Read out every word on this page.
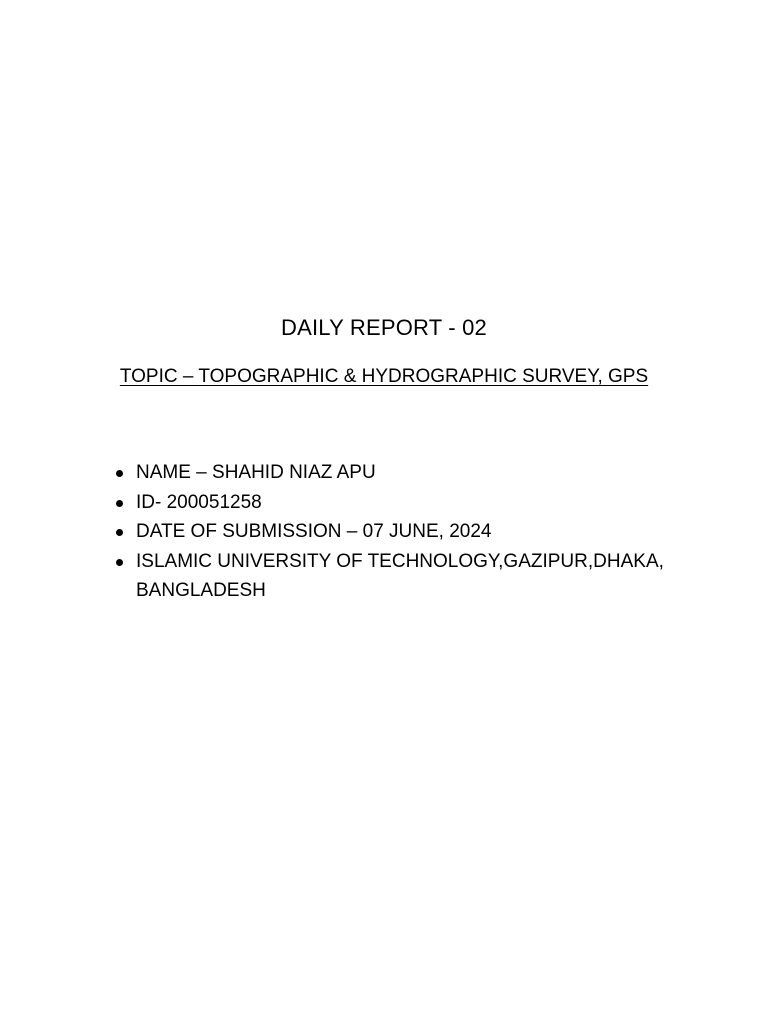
DAILY REPORT - 02
TOPIC – TOPOGRAPHIC & HYDROGRAPHIC SURVEY, GPS
NAME – SHAHID NIAZ APU
ID- 200051258
DATE OF SUBMISSION – 07 JUNE, 2024
ISLAMIC UNIVERSITY OF TECHNOLOGY,GAZIPUR,DHAKA, BANGLADESH
